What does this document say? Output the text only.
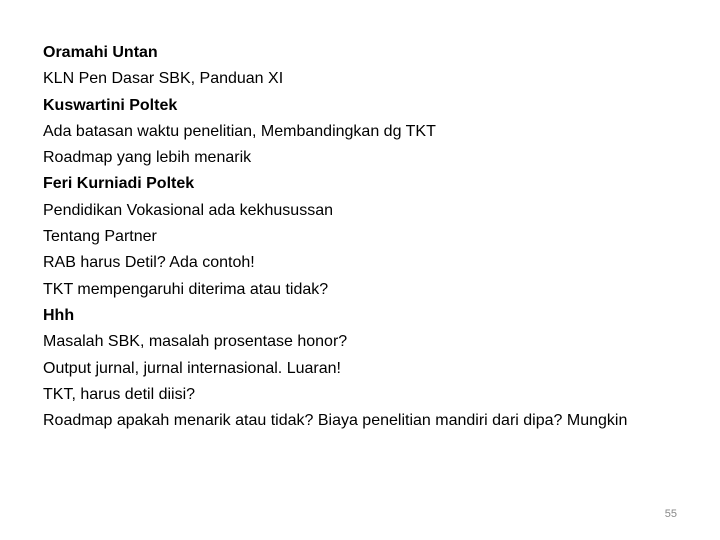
Oramahi Untan
KLN Pen Dasar SBK, Panduan XI
Kuswartini Poltek
Ada batasan waktu penelitian, Membandingkan dg TKT
Roadmap yang lebih menarik
Feri Kurniadi Poltek
Pendidikan Vokasional ada kekhusussan
Tentang Partner
RAB harus Detil? Ada contoh!
TKT mempengaruhi diterima atau tidak?
Hhh
Masalah SBK, masalah prosentase honor?
Output jurnal, jurnal internasional. Luaran!
TKT, harus detil diisi?
Roadmap apakah menarik atau tidak? Biaya penelitian mandiri dari dipa? Mungkin
55
